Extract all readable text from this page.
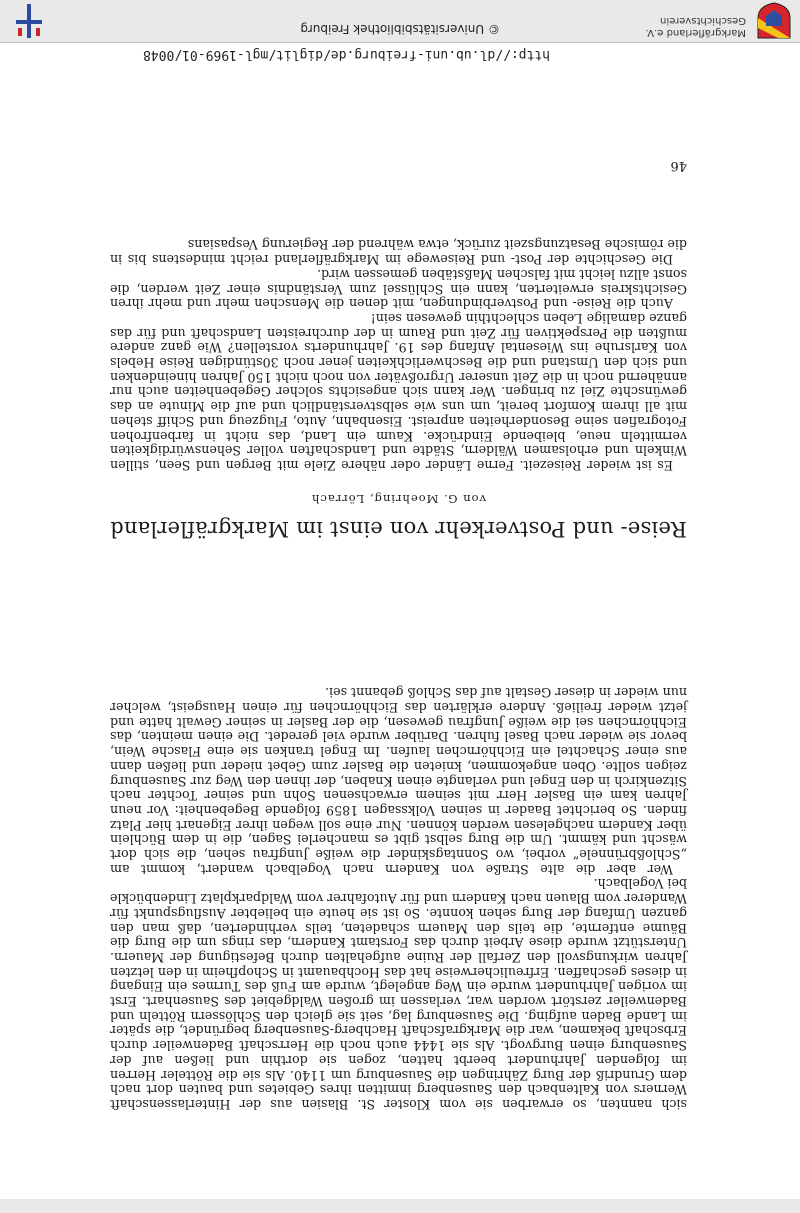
sich nannten, so erwarben sie vom Kloster St. Blasien aus der Hinterlassenschaft Werners von Kaltenbach den Sausenberg inmitten ihres Gebietes und bauten dort nach dem Grundriß der Burg Zähringen die Sausenburg um 1140. Als sie die Rötteler Herren im folgenden Jahrhundert beerbt hatten, zogen sie dorthin und ließen auf der Sausenburg einen Burgvogt. Als sie 1444 auch noch die Herrschaft Badenweiler durch Erbschaft bekamen, war die Markgrafschaft Hachberg-Sausenberg begründet, die später im Lande Baden aufging. Die Sausenburg lag, seit sie gleich den Schlössern Rötteln und Badenweiler zerstört worden war, verlassen im großen Waldgebiet des Sausenhart. Erst im vorigen Jahrhundert wurde ein Weg angelegt, wurde am Fuß des Turmes ein Eingang in dieses geschaffen. Erfreulicherweise hat das Hochbauamt in Schopfheim in den letzten Jahren wirkungsvoll den Zerfall der Ruine aufgehalten durch Befestigung der Mauern. Unterstützt wurde diese Arbeit durch das Forstamt Kandern, das rings um die Burg die Bäume entfernte, die teils den Mauern schadeten, teils verhinderten, daß man den ganzen Umfang der Burg sehen konnte. So ist sie heute ein beliebter Ausflugspunkt für Wanderer vom Blauen nach Kandern und für Autofahrer vom Waldparkplatz Lindenbückle bei Vogelbach.

Wer aber die alte Straße von Kandern nach Vogelbach wandert, kommt am „Schloßbrünnele“ vorbei, wo Sonntagskinder die weiße Jungfrau sehen, die sich dort wäscht und kämmt. Um die Burg selbst gibt es mancherlei Sagen, die in dem Büchlein über Kandern nachgelesen werden können. Nur eine soll wegen ihrer Eigenart hier Platz finden. So berichtet Baader in seinen Volkssagen 1859 folgende Begebenheit: Vor neun Jahren kam ein Basler Herr mit seinem erwachsenen Sohn und seiner Tochter nach Sitzenkirch in den Engel und verlangte einen Knaben, der ihnen den Weg zur Sausenburg zeigen sollte. Oben angekommen, knieten die Basler zum Gebet nieder und ließen dann aus einer Schachtel ein Eichhörnchen laufen. Im Engel tranken sie eine Flasche Wein, bevor sie wieder nach Basel fuhren. Darüber wurde viel geredet. Die einen meinten, das Eichhörnchen sei die weiße Jungfrau gewesen, die der Basler in seiner Gewalt hatte und jetzt wieder freiließ. Andere erklärten das Eichhörnchen für einen Hausgeist, welcher nun wieder in dieser Gestalt auf das Schloß gebannt sei.

Reise- und Postverkehr von einst im Markgräflerland
von G. Moehring, Lörrach

Es ist wieder Reisezeit. Ferne Länder oder nähere Ziele mit Bergen und Seen, stillen Winkeln und erholsamen Wäldern, Städte und Landschaften voller Sehenswürdigkeiten vermitteln neue, bleibende Eindrücke. Kaum ein Land, das nicht in farbenfrohen Fotografien seine Besonderheiten anpreist. Eisenbahn, Auto, Flugzeug und Schiff stehen mit all ihrem Komfort bereit, um uns wie selbstverständlich und auf die Minute an das gewünschte Ziel zu bringen. Wer kann sich angesichts solcher Gegebenheiten auch nur annähernd noch in die Zeit unserer Urgroßväter von noch nicht 150 Jahren hineindenken und sich den Umstand und die Beschwerlichkeiten jener noch 30stündigen Reise Hebels von Karlsruhe ins Wiesental Anfang des 19. Jahrhunderts vorstellen? Wie ganz andere mußten die Perspektiven für Zeit und Raum in der durchreisten Landschaft und für das ganze damalige Leben schlechthin gewesen sein!

Auch die Reise- und Postverbindungen, mit denen die Menschen mehr und mehr ihren Gesichtskreis erweiterten, kann ein Schlüssel zum Verständnis einer Zeit werden, die sonst allzu leicht mit falschen Maßstäben gemessen wird.

Die Geschichte der Post- und Reisewege im Markgräflerland reicht mindestens bis in die römische Besatzungszeit zurück, etwa während der Regierung Vespasians

46
http://dl.ub.uni-freiburg.de/diglit/mgl-1969-01/0048
Markgräflerland e.V.
Geschichtsverein
© Universitätsbibliothek Freiburg
